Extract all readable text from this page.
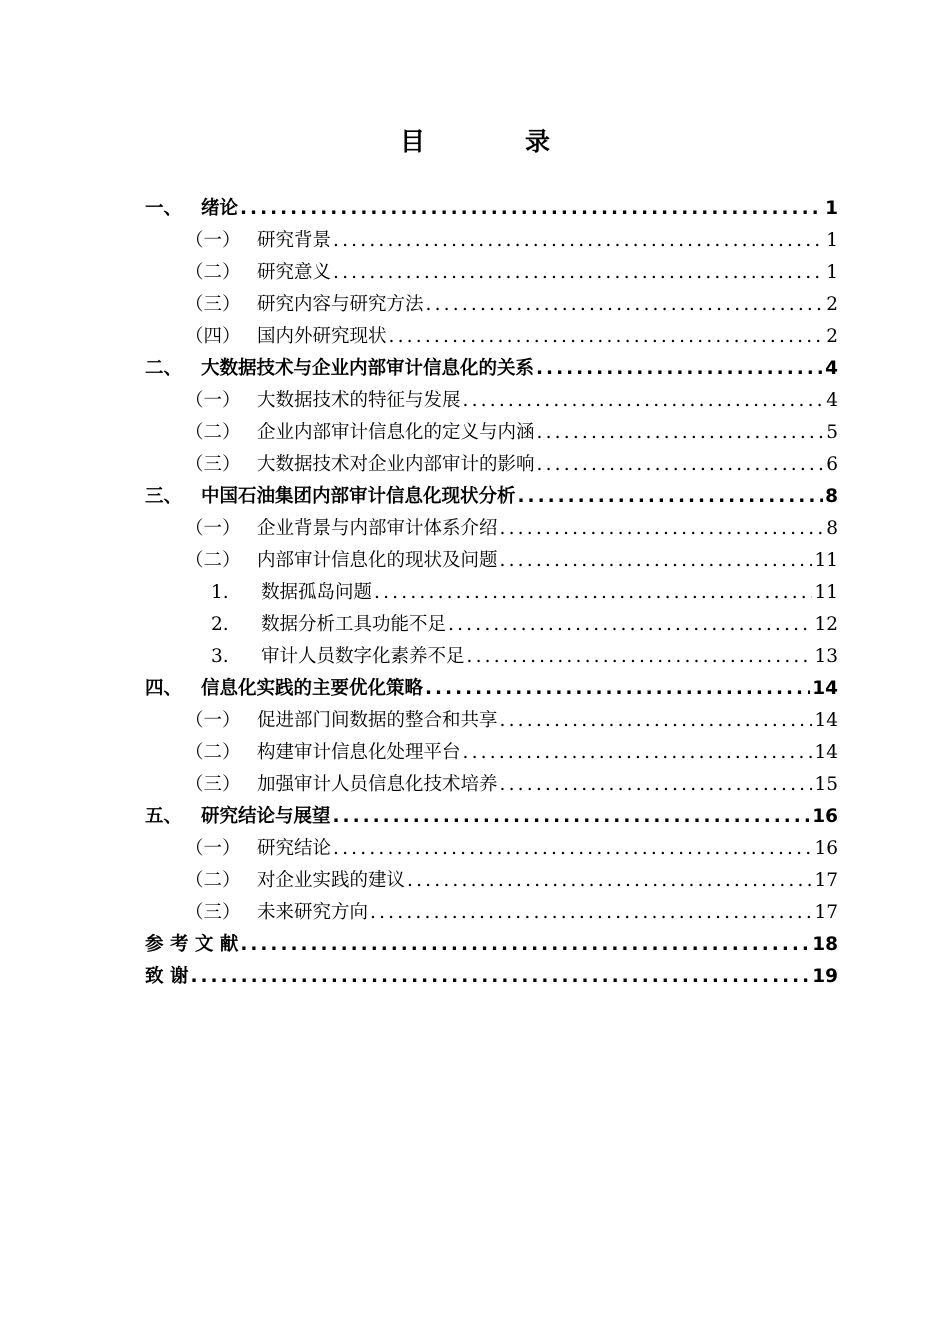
目	录
一、	绪论 .....	1
（一） 研究背景 .....	1
（二） 研究意义 .....	1
（三） 研究内容与研究方法 .....	2
（四） 国内外研究现状 .....	2
二、	大数据技术与企业内部审计信息化的关系 .....	4
（一） 大数据技术的特征与发展 .....	4
（二） 企业内部审计信息化的定义与内涵 .....	5
（三） 大数据技术对企业内部审计的影响 .....	6
三、	中国石油集团内部审计信息化现状分析 .....	8
（一） 企业背景与内部审计体系介绍 .....	8
（二） 内部审计信息化的现状及问题 .....	11
1.	数据孤岛问题 .....	11
2.	数据分析工具功能不足 .....	12
3.	审计人员数字化素养不足 .....	13
四、	信息化实践的主要优化策略 .....	14
（一） 促进部门间数据的整合和共享 .....	14
（二） 构建审计信息化处理平台 .....	14
（三） 加强审计人员信息化技术培养 .....	15
五、	研究结论与展望 .....	16
（一） 研究结论 .....	16
（二） 对企业实践的建议 .....	17
（三） 未来研究方向 .....	17
参 考 文 献 .....	18
致 谢 .....	19
